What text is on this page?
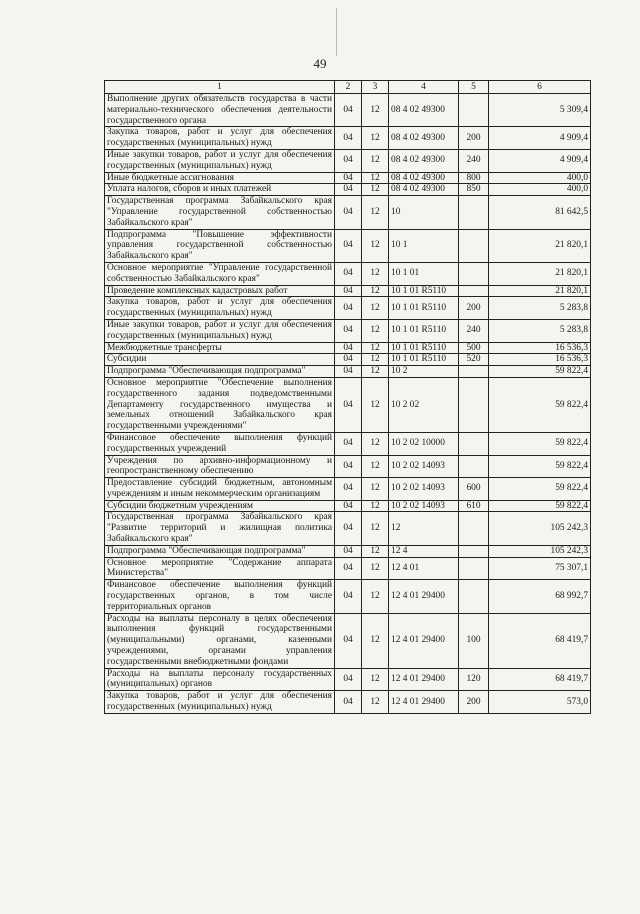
49
1	2	3	4	5	6
Выполнение других обязательств государства в части материально-технического обеспечения деятельности государственного органа	04	12	08 4 02 49300		5 309,4
Закупка товаров, работ и услуг для обеспечения государственных (муниципальных) нужд	04	12	08 4 02 49300	200	4 909,4
Иные закупки товаров, работ и услуг для обеспечения государственных (муниципальных) нужд	04	12	08 4 02 49300	240	4 909,4
Иные бюджетные ассигнования	04	12	08 4 02 49300	800	400,0
Уплата налогов, сборов и иных платежей	04	12	08 4 02 49300	850	400,0
Государственная программа Забайкальского края "Управление государственной собственностью Забайкальского края"	04	12	10		81 642,5
Подпрограмма "Повышение эффективности управления государственной собственностью Забайкальского края"	04	12	10 1		21 820,1
Основное мероприятие "Управление государственной собственностью Забайкальского края"	04	12	10 1 01		21 820,1
Проведение комплексных кадастровых работ	04	12	10 1 01 R5110		21 820,1
Закупка товаров, работ и услуг для обеспечения государственных (муниципальных) нужд	04	12	10 1 01 R5110	200	5 283,8
Иные закупки товаров, работ и услуг для обеспечения государственных (муниципальных) нужд	04	12	10 1 01 R5110	240	5 283,8
Межбюджетные трансферты	04	12	10 1 01 R5110	500	16 536,3
Субсидии	04	12	10 1 01 R5110	520	16 536,3
Подпрограмма "Обеспечивающая подпрограмма"	04	12	10 2		59 822,4
Основное мероприятие "Обеспечение выполнения государственного задания подведомственными Департаменту государственного имущества и земельных отношений Забайкальского края государственными учреждениями"	04	12	10 2 02		59 822,4
Финансовое обеспечение выполнения функций государственных учреждений	04	12	10 2 02 10000		59 822,4
Учреждения по архивно-информационному и геопространственному обеспечению	04	12	10 2 02 14093		59 822,4
Предоставление субсидий бюджетным, автономным учреждениям и иным некоммерческим организациям	04	12	10 2 02 14093	600	59 822,4
Субсидии бюджетным учреждениям	04	12	10 2 02 14093	610	59 822,4
Государственная программа Забайкальского края "Развитие территорий и жилищная политика Забайкальского края"	04	12	12		105 242,3
Подпрограмма "Обеспечивающая подпрограмма"	04	12	12 4		105 242,3
Основное мероприятие "Содержание аппарата Министерства"	04	12	12 4 01		75 307,1
Финансовое обеспечение выполнения функций государственных органов, в том числе территориальных органов	04	12	12 4 01 29400		68 992,7
Расходы на выплаты персоналу в целях обеспечения выполнения функций государственными (муниципальными) органами, казенными учреждениями, органами управления государственными внебюджетными фондами	04	12	12 4 01 29400	100	68 419,7
Расходы на выплаты персоналу государственных (муниципальных) органов	04	12	12 4 01 29400	120	68 419,7
Закупка товаров, работ и услуг для обеспечения государственных (муниципальных) нужд	04	12	12 4 01 29400	200	573,0
